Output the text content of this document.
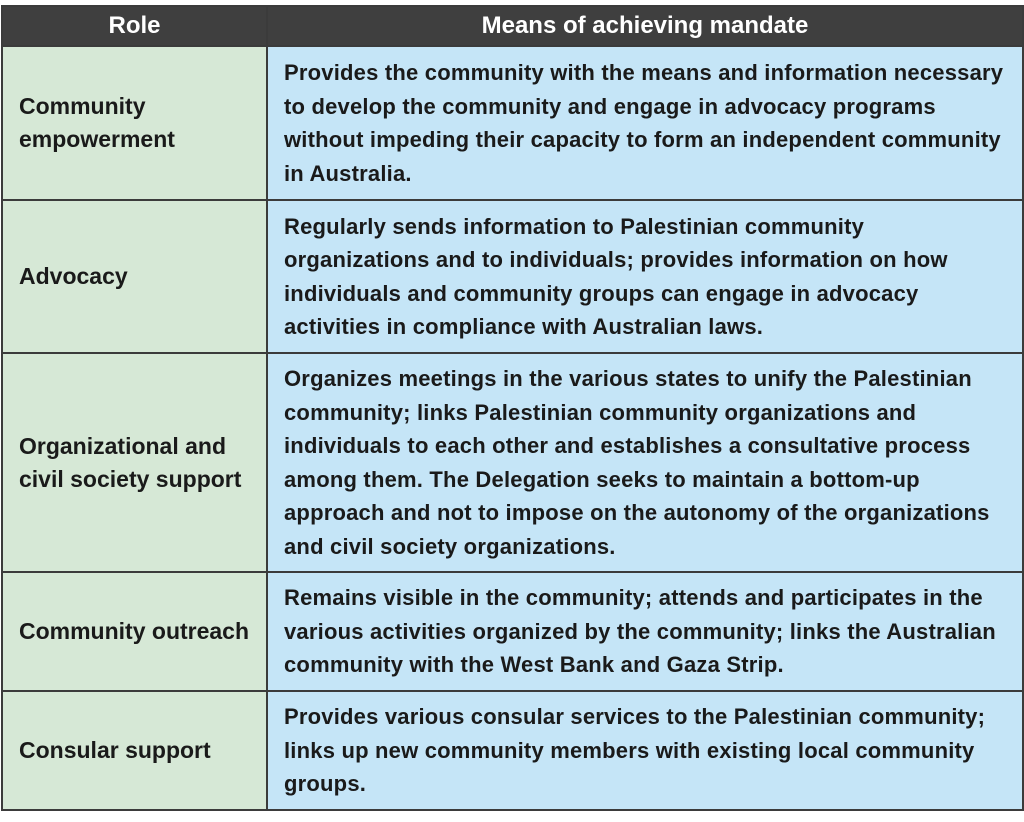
Role	Means of achieving mandate
Community empowerment	Provides the community with the means and information necessary to develop the community and engage in advocacy programs without impeding their capacity to form an independent community in Australia.
Advocacy	Regularly sends information to Palestinian community organizations and to individuals; provides information on how individuals and community groups can engage in advocacy activities in compliance with Australian laws.
Organizational and civil society support	Organizes meetings in the various states to unify the Palestinian community; links Palestinian community organizations and individuals to each other and establishes a consultative process among them. The Delegation seeks to maintain a bottom-up approach and not to impose on the autonomy of the organizations and civil society organizations.
Community outreach	Remains visible in the community; attends and participates in the various activities organized by the community; links the Australian community with the West Bank and Gaza Strip.
Consular support	Provides various consular services to the Palestinian community; links up new community members with existing local community groups.
